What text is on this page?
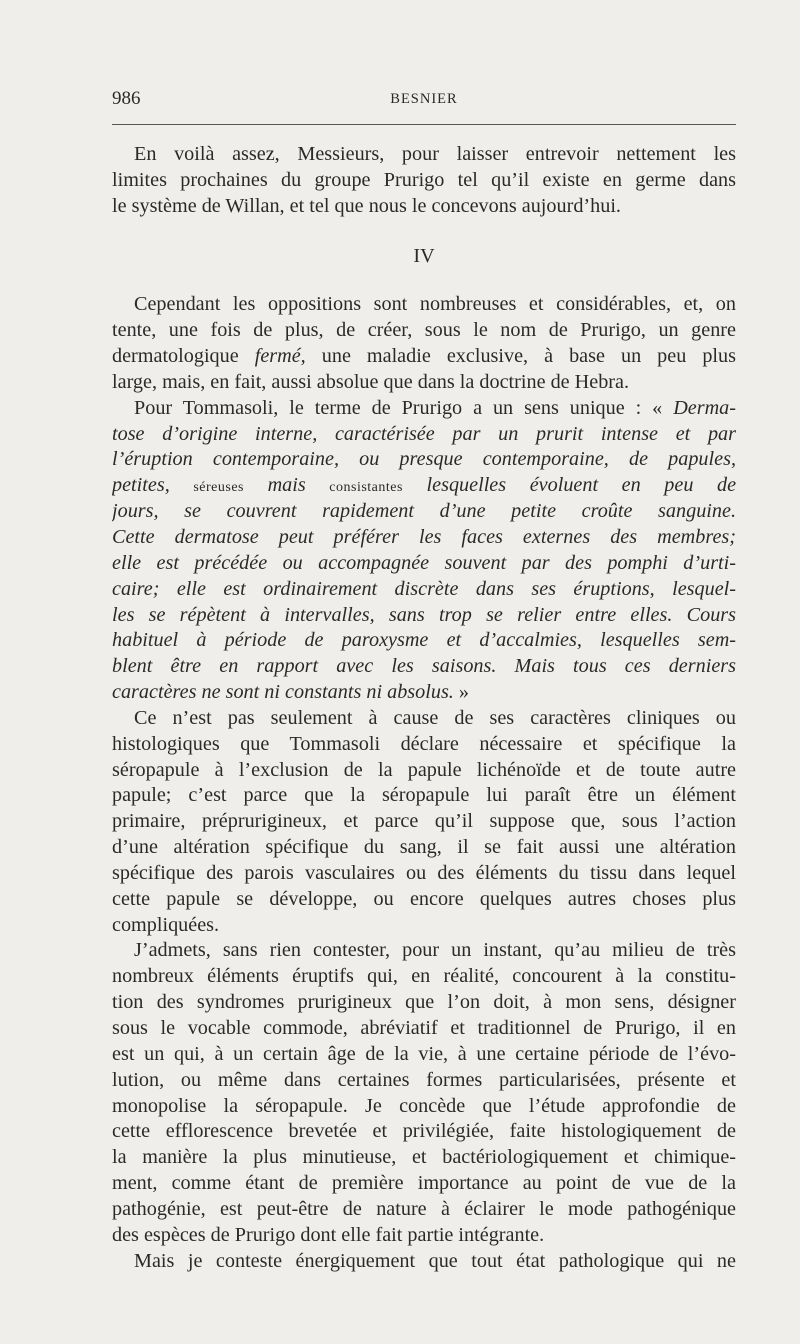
986	BESNIER
En voilà assez, Messieurs, pour laisser entrevoir nettement les
limites prochaines du groupe Prurigo tel qu’il existe en germe dans
le système de Willan, et tel que nous le concevons aujourd’hui.
IV
Cependant les oppositions sont nombreuses et considérables, et, on
tente, une fois de plus, de créer, sous le nom de Prurigo, un genre
dermatologique fermé, une maladie exclusive, à base un peu plus
large, mais, en fait, aussi absolue que dans la doctrine de Hebra.
Pour Tommasoli, le terme de Prurigo a un sens unique : « Derma-
tose d’origine interne, caractérisée par un prurit intense et par
l’éruption contemporaine, ou presque contemporaine, de papules,
petites, séreuses mais consistantes lesquelles évoluent en peu de
jours, se couvrent rapidement d’une petite croûte sanguine.
Cette dermatose peut préférer les faces externes des membres;
elle est précédée ou accompagnée souvent par des pomphi d’urti-
caire; elle est ordinairement discrète dans ses éruptions, lesquel-
les se répètent à intervalles, sans trop se relier entre elles. Cours
habituel à période de paroxysme et d’accalmies, lesquelles sem-
blent être en rapport avec les saisons. Mais tous ces derniers
caractères ne sont ni constants ni absolus. »
Ce n’est pas seulement à cause de ses caractères cliniques ou
histologiques que Tommasoli déclare nécessaire et spécifique la
séropapule à l’exclusion de la papule lichénoïde et de toute autre
papule; c’est parce que la séropapule lui paraît être un élément
primaire, préprurigineux, et parce qu’il suppose que, sous l’action
d’une altération spécifique du sang, il se fait aussi une altération
spécifique des parois vasculaires ou des éléments du tissu dans lequel
cette papule se développe, ou encore quelques autres choses plus
compliquées.
J’admets, sans rien contester, pour un instant, qu’au milieu de très
nombreux éléments éruptifs qui, en réalité, concourent à la constitu-
tion des syndromes prurigineux que l’on doit, à mon sens, désigner
sous le vocable commode, abréviatif et traditionnel de Prurigo, il en
est un qui, à un certain âge de la vie, à une certaine période de l’évo-
lution, ou même dans certaines formes particularisées, présente et
monopolise la séropapule. Je concède que l’étude approfondie de
cette efflorescence brevetée et privilégiée, faite histologiquement de
la manière la plus minutieuse, et bactériologiquement et chimique-
ment, comme étant de première importance au point de vue de la
pathogénie, est peut-être de nature à éclairer le mode pathogénique
des espèces de Prurigo dont elle fait partie intégrante.
Mais je conteste énergiquement que tout état pathologique qui ne
